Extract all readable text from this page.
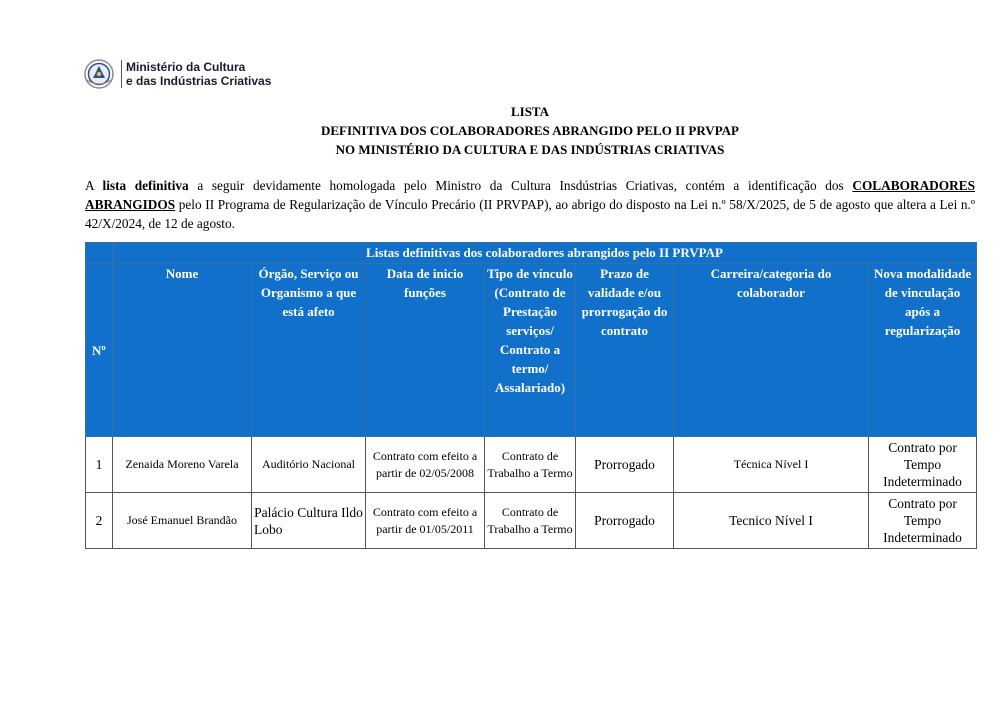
Ministério da Cultura
e das Indústrias Criativas
LISTA
DEFINITIVA DOS COLABORADORES ABRANGIDO PELO II PRVPAP
NO MINISTÉRIO DA CULTURA E DAS INDÚSTRIAS CRIATIVAS
A lista definitiva a seguir devidamente homologada pelo Ministro da Cultura Insdústrias Criativas, contém a identificação dos COLABORADORES ABRANGIDOS pelo II Programa de Regularização de Vínculo Precário (II PRVPAP), ao abrigo do disposto na Lei n.º 58/X/2025, de 5 de agosto que altera a Lei n.º 42/X/2024, de 12 de agosto.
	Listas definitivas dos colaboradores abrangidos pelo II PRVPAP						
Nº	Nome	Órgão, Serviço ou Organismo a que está afeto	Data de inicio funções	Tipo de vínculo (Contrato de Prestação serviços/ Contrato a termo/ Assalariado)	Prazo de validade e/ou prorrogação do contrato	Carreira/categoria do colaborador	Nova modalidade de vinculação após a regularização
1	Zenaida Moreno Varela	Auditório Nacional	Contrato com efeito a partir de 02/05/2008	Contrato de Trabalho a Termo	Prorrogado	Técnica Nível I	Contrato por Tempo Indeterminado
2	José Emanuel Brandão	Palácio Cultura Ildo Lobo	Contrato com efeito a partir de 01/05/2011	Contrato de Trabalho a Termo	Prorrogado	Tecnico Nível I	Contrato por Tempo Indeterminado
